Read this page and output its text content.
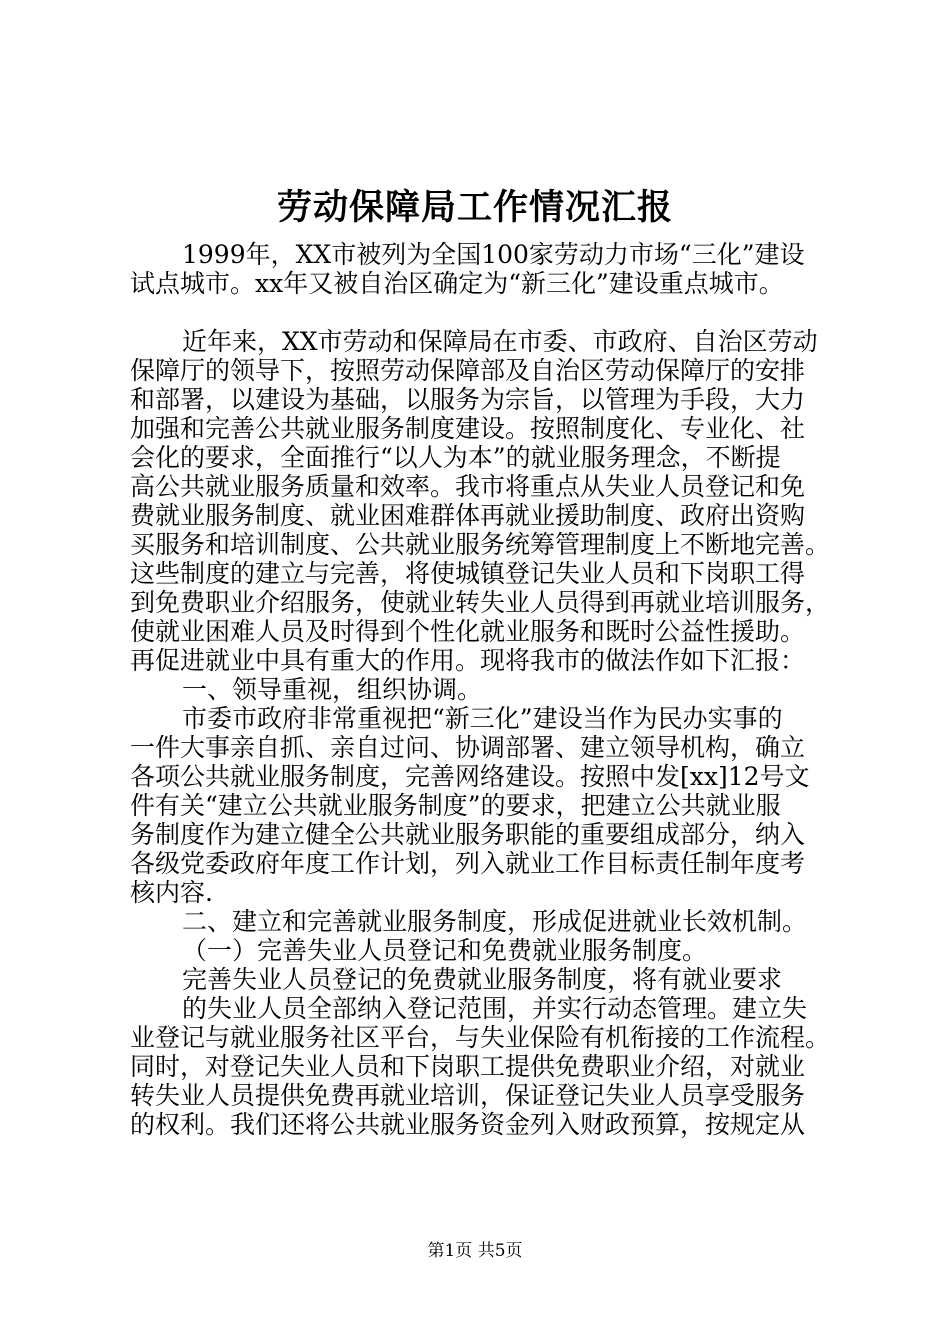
劳动保障局工作情况汇报
1999年，XX市被列为全国100家劳动力市场“三化”建设
试点城市。xx年又被自治区确定为“新三化”建设重点城市。
近年来，XX市劳动和保障局在市委、市政府、自治区劳动
保障厅的领导下，按照劳动保障部及自治区劳动保障厅的安排
和部署，以建设为基础，以服务为宗旨，以管理为手段，大力
加强和完善公共就业服务制度建设。按照制度化、专业化、社
会化的要求，全面推行“以人为本”的就业服务理念，不断提
高公共就业服务质量和效率。我市将重点从失业人员登记和免
费就业服务制度、就业困难群体再就业援助制度、政府出资购
买服务和培训制度、公共就业服务统筹管理制度上不断地完善。
这些制度的建立与完善，将使城镇登记失业人员和下岗职工得
到免费职业介绍服务，使就业转失业人员得到再就业培训服务，
使就业困难人员及时得到个性化就业服务和既时公益性援助。
再促进就业中具有重大的作用。现将我市的做法作如下汇报：
一、领导重视，组织协调。
市委市政府非常重视把“新三化”建设当作为民办实事的
一件大事亲自抓、亲自过问、协调部署、建立领导机构，确立
各项公共就业服务制度，完善网络建设。按照中发[xx]12号文
件有关“建立公共就业服务制度”的要求，把建立公共就业服
务制度作为建立健全公共就业服务职能的重要组成部分，纳入
各级党委政府年度工作计划，列入就业工作目标责任制年度考
核内容.
二、建立和完善就业服务制度，形成促进就业长效机制。
（一）完善失业人员登记和免费就业服务制度。
完善失业人员登记的免费就业服务制度，将有就业要求
的失业人员全部纳入登记范围，并实行动态管理。建立失
业登记与就业服务社区平台，与失业保险有机衔接的工作流程。
同时，对登记失业人员和下岗职工提供免费职业介绍，对就业
转失业人员提供免费再就业培训，保证登记失业人员享受服务
的权利。我们还将公共就业服务资金列入财政预算，按规定从
第1页 共5页
